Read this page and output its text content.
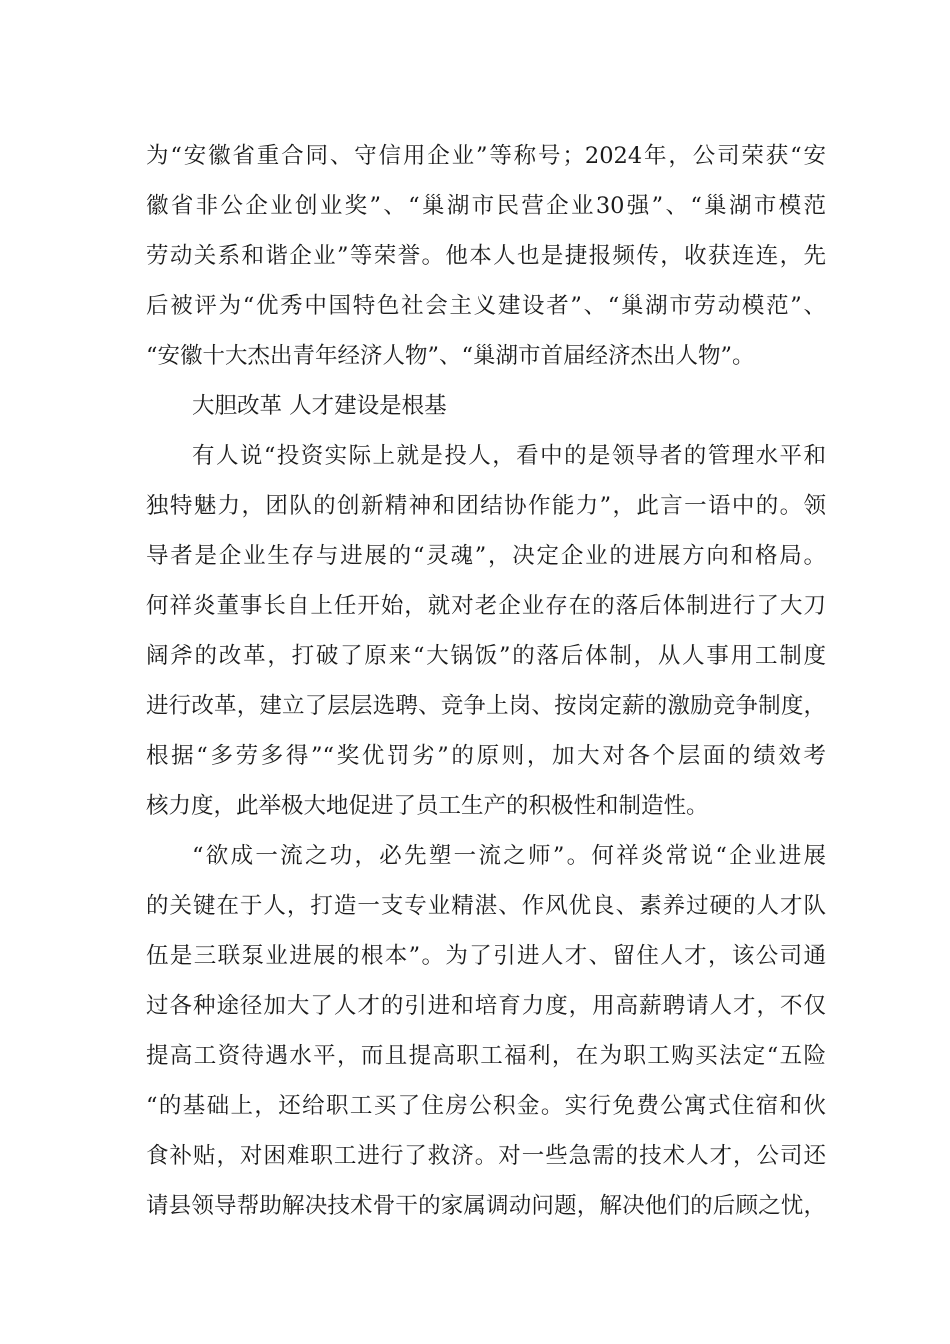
为“安徽省重合同、守信用企业”等称号；2024年，公司荣获“安
徽省非公企业创业奖”、“巢湖市民营企业30强”、“巢湖市模范
劳动关系和谐企业”等荣誉。他本人也是捷报频传，收获连连，先
后被评为“优秀中国特色社会主义建设者”、“巢湖市劳动模范”、
“安徽十大杰出青年经济人物”、“巢湖市首届经济杰出人物”。
大胆改革 人才建设是根基
有人说“投资实际上就是投人，看中的是领导者的管理水平和
独特魅力，团队的创新精神和团结协作能力”，此言一语中的。领
导者是企业生存与进展的“灵魂”，决定企业的进展方向和格局。
何祥炎董事长自上任开始，就对老企业存在的落后体制进行了大刀
阔斧的改革，打破了原来“大锅饭”的落后体制，从人事用工制度
进行改革，建立了层层选聘、竞争上岗、按岗定薪的激励竞争制度，
根据“多劳多得”“奖优罚劣”的原则，加大对各个层面的绩效考
核力度，此举极大地促进了员工生产的积极性和制造性。
“欲成一流之功，必先塑一流之师”。何祥炎常说“企业进展
的关键在于人，打造一支专业精湛、作风优良、素养过硬的人才队
伍是三联泵业进展的根本”。为了引进人才、留住人才，该公司通
过各种途径加大了人才的引进和培育力度，用高薪聘请人才，不仅
提高工资待遇水平，而且提高职工福利，在为职工购买法定“五险
“的基础上，还给职工买了住房公积金。实行免费公寓式住宿和伙
食补贴，对困难职工进行了救济。对一些急需的技术人才，公司还
请县领导帮助解决技术骨干的家属调动问题，解决他们的后顾之忧，
